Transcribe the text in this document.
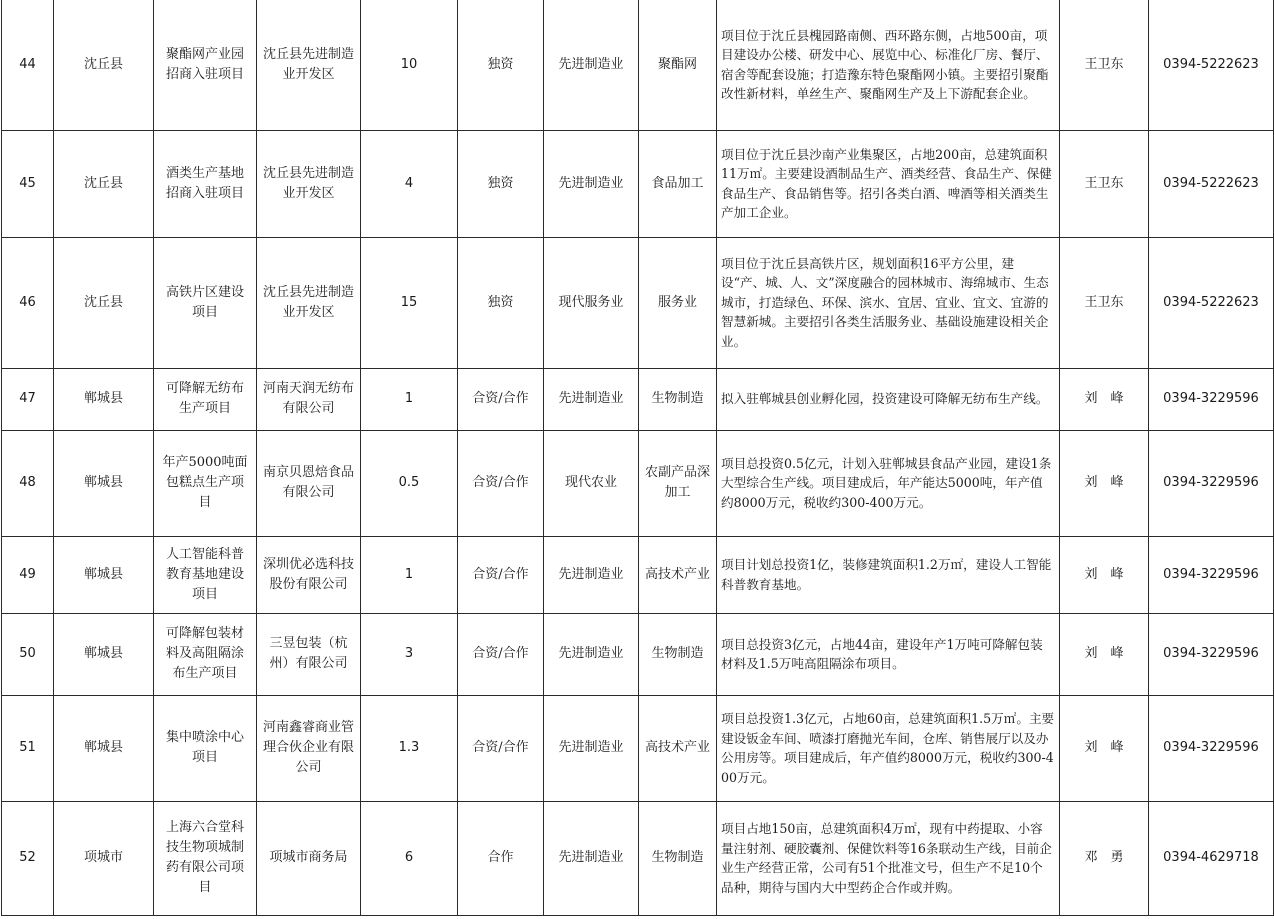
44	沈丘县	聚酯网产业园招商入驻项目	沈丘县先进制造业开发区	10	独资	先进制造业	聚酯网	项目位于沈丘县槐园路南侧、西环路东侧，占地500亩，项目建设办公楼、研发中心、展览中心、标准化厂房、餐厅、宿舍等配套设施；打造豫东特色聚酯网小镇。主要招引聚酯改性新材料，单丝生产、聚酯网生产及上下游配套企业。	王卫东	0394-5222623
45	沈丘县	酒类生产基地招商入驻项目	沈丘县先进制造业开发区	4	独资	先进制造业	食品加工	项目位于沈丘县沙南产业集聚区，占地200亩，总建筑面积11万㎡。主要建设酒制品生产、酒类经营、食品生产、保健食品生产、食品销售等。招引各类白酒、啤酒等相关酒类生产加工企业。	王卫东	0394-5222623
46	沈丘县	高铁片区建设项目	沈丘县先进制造业开发区	15	独资	现代服务业	服务业	项目位于沈丘县高铁片区，规划面积16平方公里，建设“产、城、人、文”深度融合的园林城市、海绵城市、生态城市，打造绿色、环保、滨水、宜居、宜业、宜文、宜游的智慧新城。主要招引各类生活服务业、基础设施建设相关企业。	王卫东	0394-5222623
47	郸城县	可降解无纺布生产项目	河南天润无纺布有限公司	1	合资/合作	先进制造业	生物制造	拟入驻郸城县创业孵化园，投资建设可降解无纺布生产线。	刘　峰	0394-3229596
48	郸城县	年产5000吨面包糕点生产项目	南京贝恩焙食品有限公司	0.5	合资/合作	现代农业	农副产品深加工	项目总投资0.5亿元，计划入驻郸城县食品产业园，建设1条大型综合生产线。项目建成后，年产能达5000吨，年产值约8000万元，税收约300-400万元。	刘　峰	0394-3229596
49	郸城县	人工智能科普教育基地建设项目	深圳优必选科技股份有限公司	1	合资/合作	先进制造业	高技术产业	项目计划总投资1亿，装修建筑面积1.2万㎡，建设人工智能科普教育基地。	刘　峰	0394-3229596
50	郸城县	可降解包装材料及高阻隔涂布生产项目	三昱包装（杭州）有限公司	3	合资/合作	先进制造业	生物制造	项目总投资3亿元，占地44亩，建设年产1万吨可降解包装材料及1.5万吨高阻隔涂布项目。	刘　峰	0394-3229596
51	郸城县	集中喷涂中心项目	河南鑫睿商业管理合伙企业有限公司	1.3	合资/合作	先进制造业	高技术产业	项目总投资1.3亿元，占地60亩，总建筑面积1.5万㎡。主要建设钣金车间、喷漆打磨抛光车间，仓库、销售展厅以及办公用房等。项目建成后，年产值约8000万元，税收约300-400万元。	刘　峰	0394-3229596
52	项城市	上海六合堂科技生物项城制药有限公司项目	项城市商务局	6	合作	先进制造业	生物制造	项目占地150亩，总建筑面积4万㎡，现有中药提取、小容量注射剂、硬胶囊剂、保健饮料等16条联动生产线，目前企业生产经营正常，公司有51个批准文号，但生产不足10个品种，期待与国内大中型药企合作或并购。	邓　勇	0394-4629718
